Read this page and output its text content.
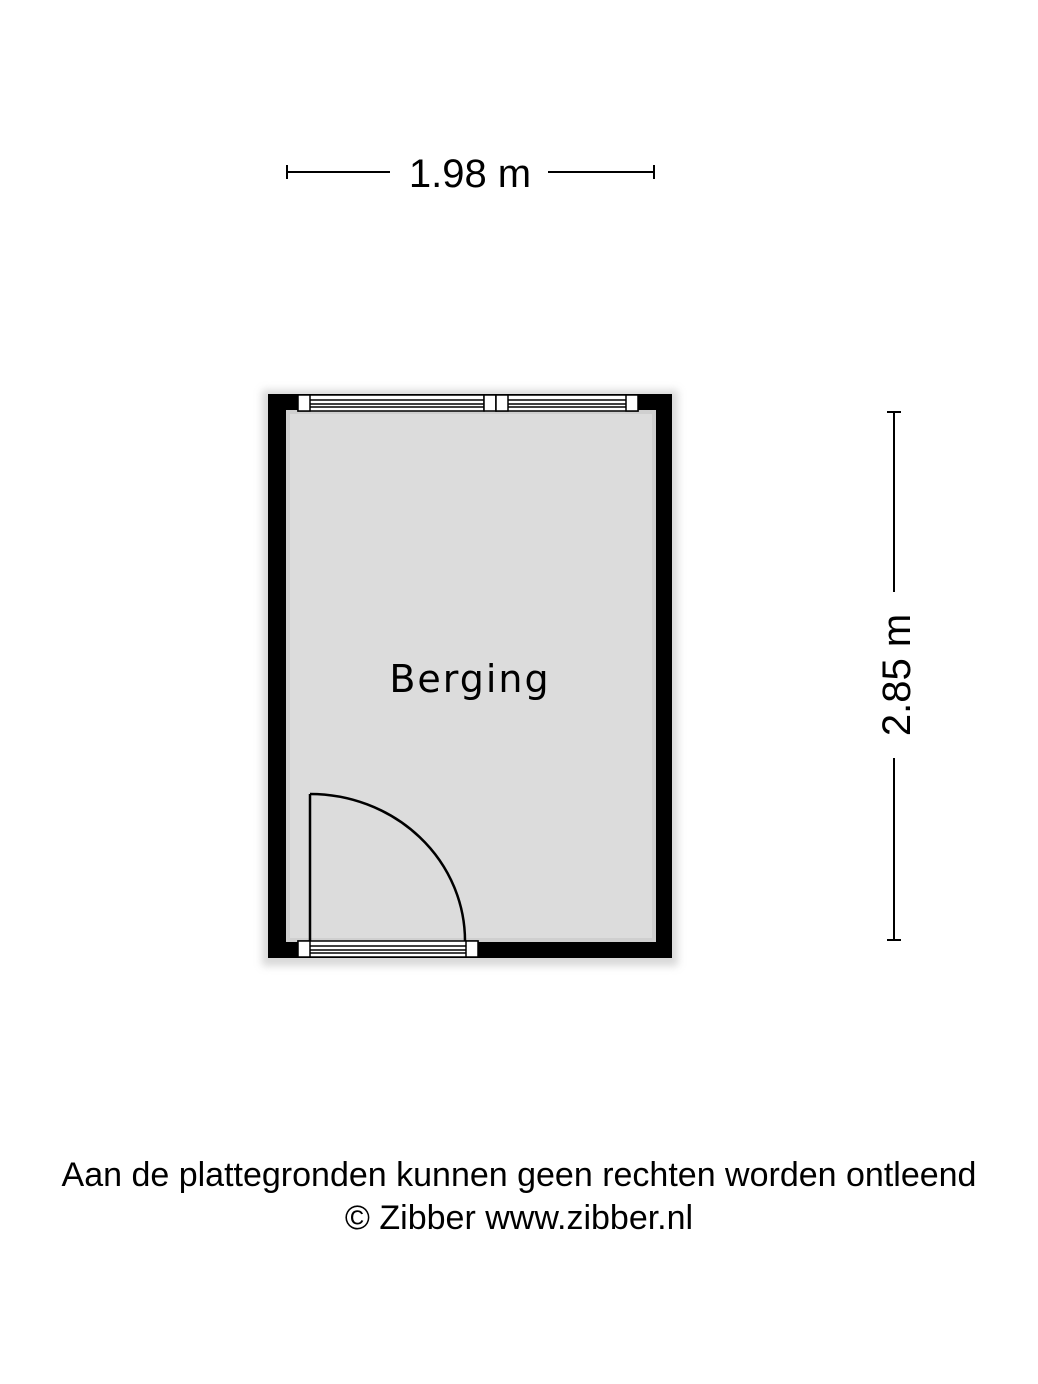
1.98 m
2.85 m
Berging
Aan de plattegronden kunnen geen rechten worden ontleend
© Zibber www.zibber.nl
